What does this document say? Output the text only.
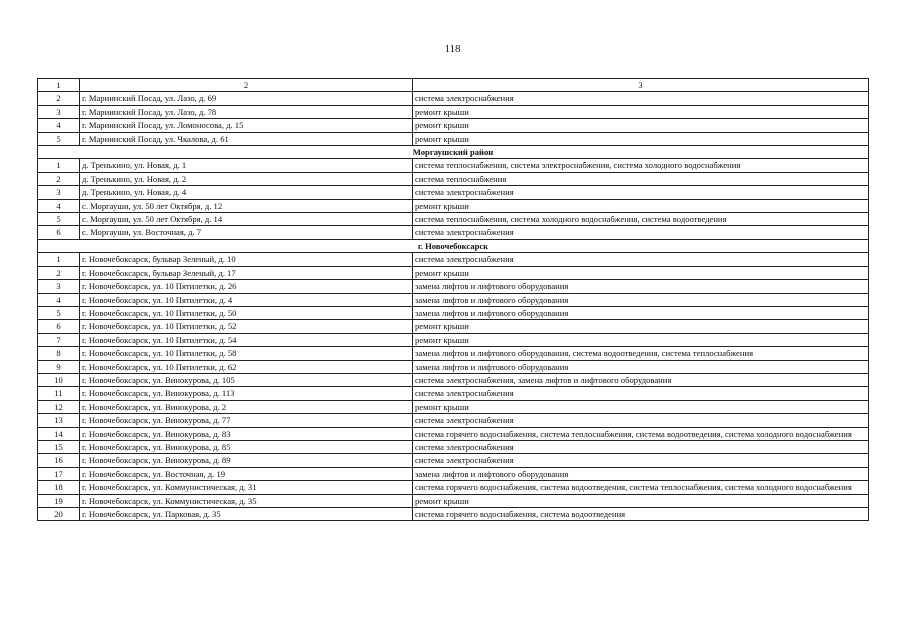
118
1	2	3
2	г. Мариинский Посад, ул. Лазо, д. 69	система электроснабжения
3	г. Мариинский Посад, ул. Лазо, д. 78	ремонт крыши
4	г. Мариинский Посад, ул. Ломоносова, д. 15	ремонт крыши
5	г. Мариинский Посад, ул. Чкалова, д. 61	ремонт крыши
Моргаушский район		
1	д. Тренькино, ул. Новая, д. 1	система теплоснабжения, система электроснабжения, система холодного водоснабжения
2	д. Тренькино, ул. Новая, д. 2	система теплоснабжения
3	д. Тренькино, ул. Новая, д. 4	система электроснабжения
4	с. Моргауши, ул. 50 лет Октября, д. 12	ремонт крыши
5	с. Моргауши, ул. 50 лет Октября, д. 14	система теплоснабжения, система холодного водоснабжения, система водоотведения
6	с. Моргауши, ул. Восточная, д. 7	система электроснабжения
г. Новочебоксарск		
1	г. Новочебоксарск, бульвар Зеленый, д. 10	система электроснабжения
2	г. Новочебоксарск, бульвар Зеленый, д. 17	ремонт крыши
3	г. Новочебоксарск, ул. 10 Пятилетки, д. 26	замена лифтов и лифтового оборудования
4	г. Новочебоксарск, ул. 10 Пятилетки, д. 4	замена лифтов и лифтового оборудования
5	г. Новочебоксарск, ул. 10 Пятилетки, д. 50	замена лифтов и лифтового оборудования
6	г. Новочебоксарск, ул. 10 Пятилетки, д. 52	ремонт крыши
7	г. Новочебоксарск, ул. 10 Пятилетки, д. 54	ремонт крыши
8	г. Новочебоксарск, ул. 10 Пятилетки, д. 58	замена лифтов и лифтового оборудования, система водоотведения, система теплоснабжения
9	г. Новочебоксарск, ул. 10 Пятилетки, д. 62	замена лифтов и лифтового оборудования
10	г. Новочебоксарск, ул. Винокурова, д. 105	система электроснабжения, замена лифтов и лифтового оборудования
11	г. Новочебоксарск, ул. Винокурова, д. 113	система электроснабжения
12	г. Новочебоксарск, ул. Винокурова, д. 2	ремонт крыши
13	г. Новочебоксарск, ул. Винокурова, д. 77	система электроснабжения
14	г. Новочебоксарск, ул. Винокурова, д. 83	система горячего водоснабжения, система теплоснабжения, система водоотведения, система холодного водоснабжения
15	г. Новочебоксарск, ул. Винокурова, д. 85	система электроснабжения
16	г. Новочебоксарск, ул. Винокурова, д. 89	система электроснабжения
17	г. Новочебоксарск, ул. Восточная, д. 19	замена лифтов и лифтового оборудования
18	г. Новочебоксарск, ул. Коммунистическая, д. 31	система горячего водоснабжения, система водоотведения, система теплоснабжения, система холодного водоснабжения
19	г. Новочебоксарск, ул. Коммунистическая, д. 35	ремонт крыши
20	г. Новочебоксарск, ул. Парковая, д. 35	система горячего водоснабжения, система водоотведения
